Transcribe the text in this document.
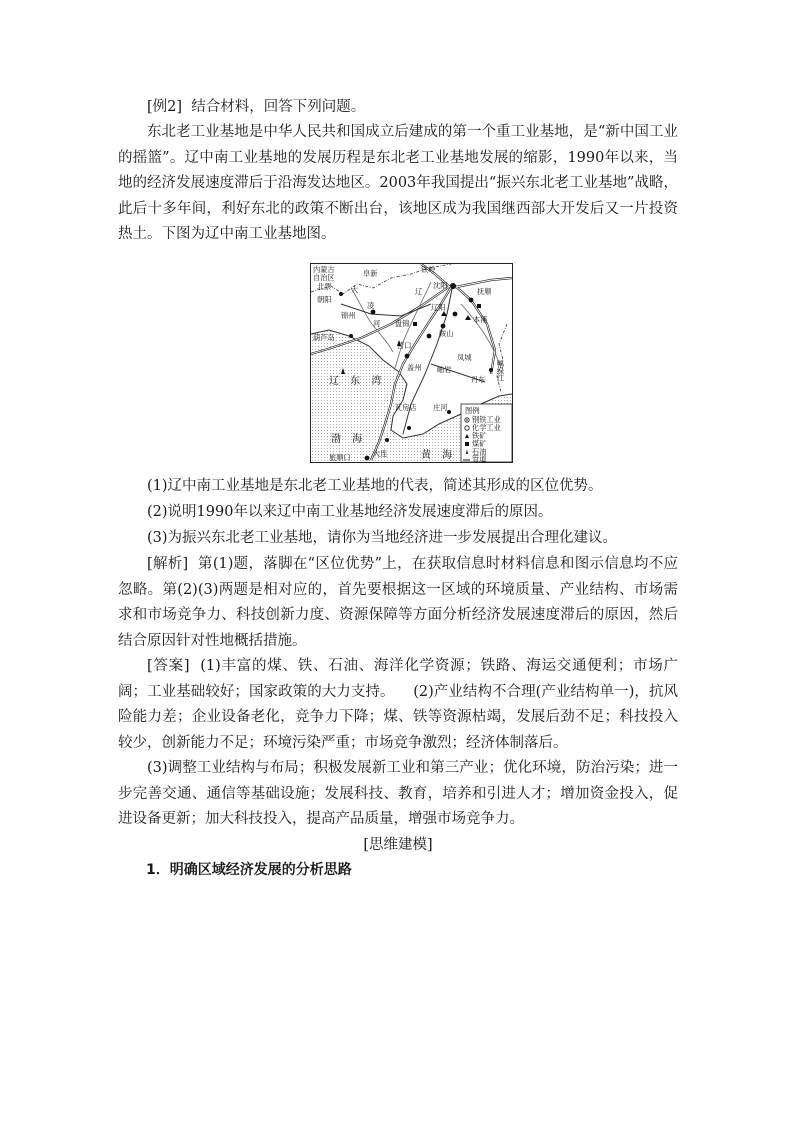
[例2] 结合材料，回答下列问题。

东北老工业基地是中华人民共和国成立后建成的第一个重工业基地，是“新中国工业的摇篮”。辽中南工业基地的发展历程是东北老工业基地发展的缩影，1990年以来，当地的经济发展速度滞后于沿海发达地区。2003年我国提出“振兴东北老工业基地”战略，此后十多年间，利好东北的政策不断出台，该地区成为我国继西部大开发后又一片投资热土。下图为辽中南工业基地图。

内蒙古
自治区
北票
阜新	铁岭
朝阳
大
凌
河
辽
沈阳
抚顺
锦州
辽阳
本溪
葫芦岛
盘锦
鞍山
营口
岫岩
凤城
盖州
丹东 鸭绿江
辽 东 湾
瓦房店 庄河
渤 海
旅顺口	大连	黄 海
图例
钢铁工业
化学工业
铁矿
煤矿
石油
管道

(1)辽中南工业基地是东北老工业基地的代表，简述其形成的区位优势。

(2)说明1990年以来辽中南工业基地经济发展速度滞后的原因。

(3)为振兴东北老工业基地，请你为当地经济进一步发展提出合理化建议。

[解析] 第(1)题，落脚在“区位优势”上，在获取信息时材料信息和图示信息均不应忽略。第(2)(3)两题是相对应的，首先要根据这一区域的环境质量、产业结构、市场需求和市场竞争力、科技创新力度、资源保障等方面分析经济发展速度滞后的原因，然后结合原因针对性地概括措施。

[答案] (1)丰富的煤、铁、石油、海洋化学资源；铁路、海运交通便利；市场广阔；工业基础较好；国家政策的大力支持。 (2)产业结构不合理(产业结构单一)，抗风险能力差；企业设备老化，竞争力下降；煤、铁等资源枯竭，发展后劲不足；科技投入较少，创新能力不足；环境污染严重；市场竞争激烈；经济体制落后。

(3)调整工业结构与布局；积极发展新工业和第三产业；优化环境，防治污染；进一步完善交通、通信等基础设施；发展科技、教育，培养和引进人才；增加资金投入，促进设备更新；加大科技投入，提高产品质量，增强市场竞争力。

[思维建模]

1．明确区域经济发展的分析思路
